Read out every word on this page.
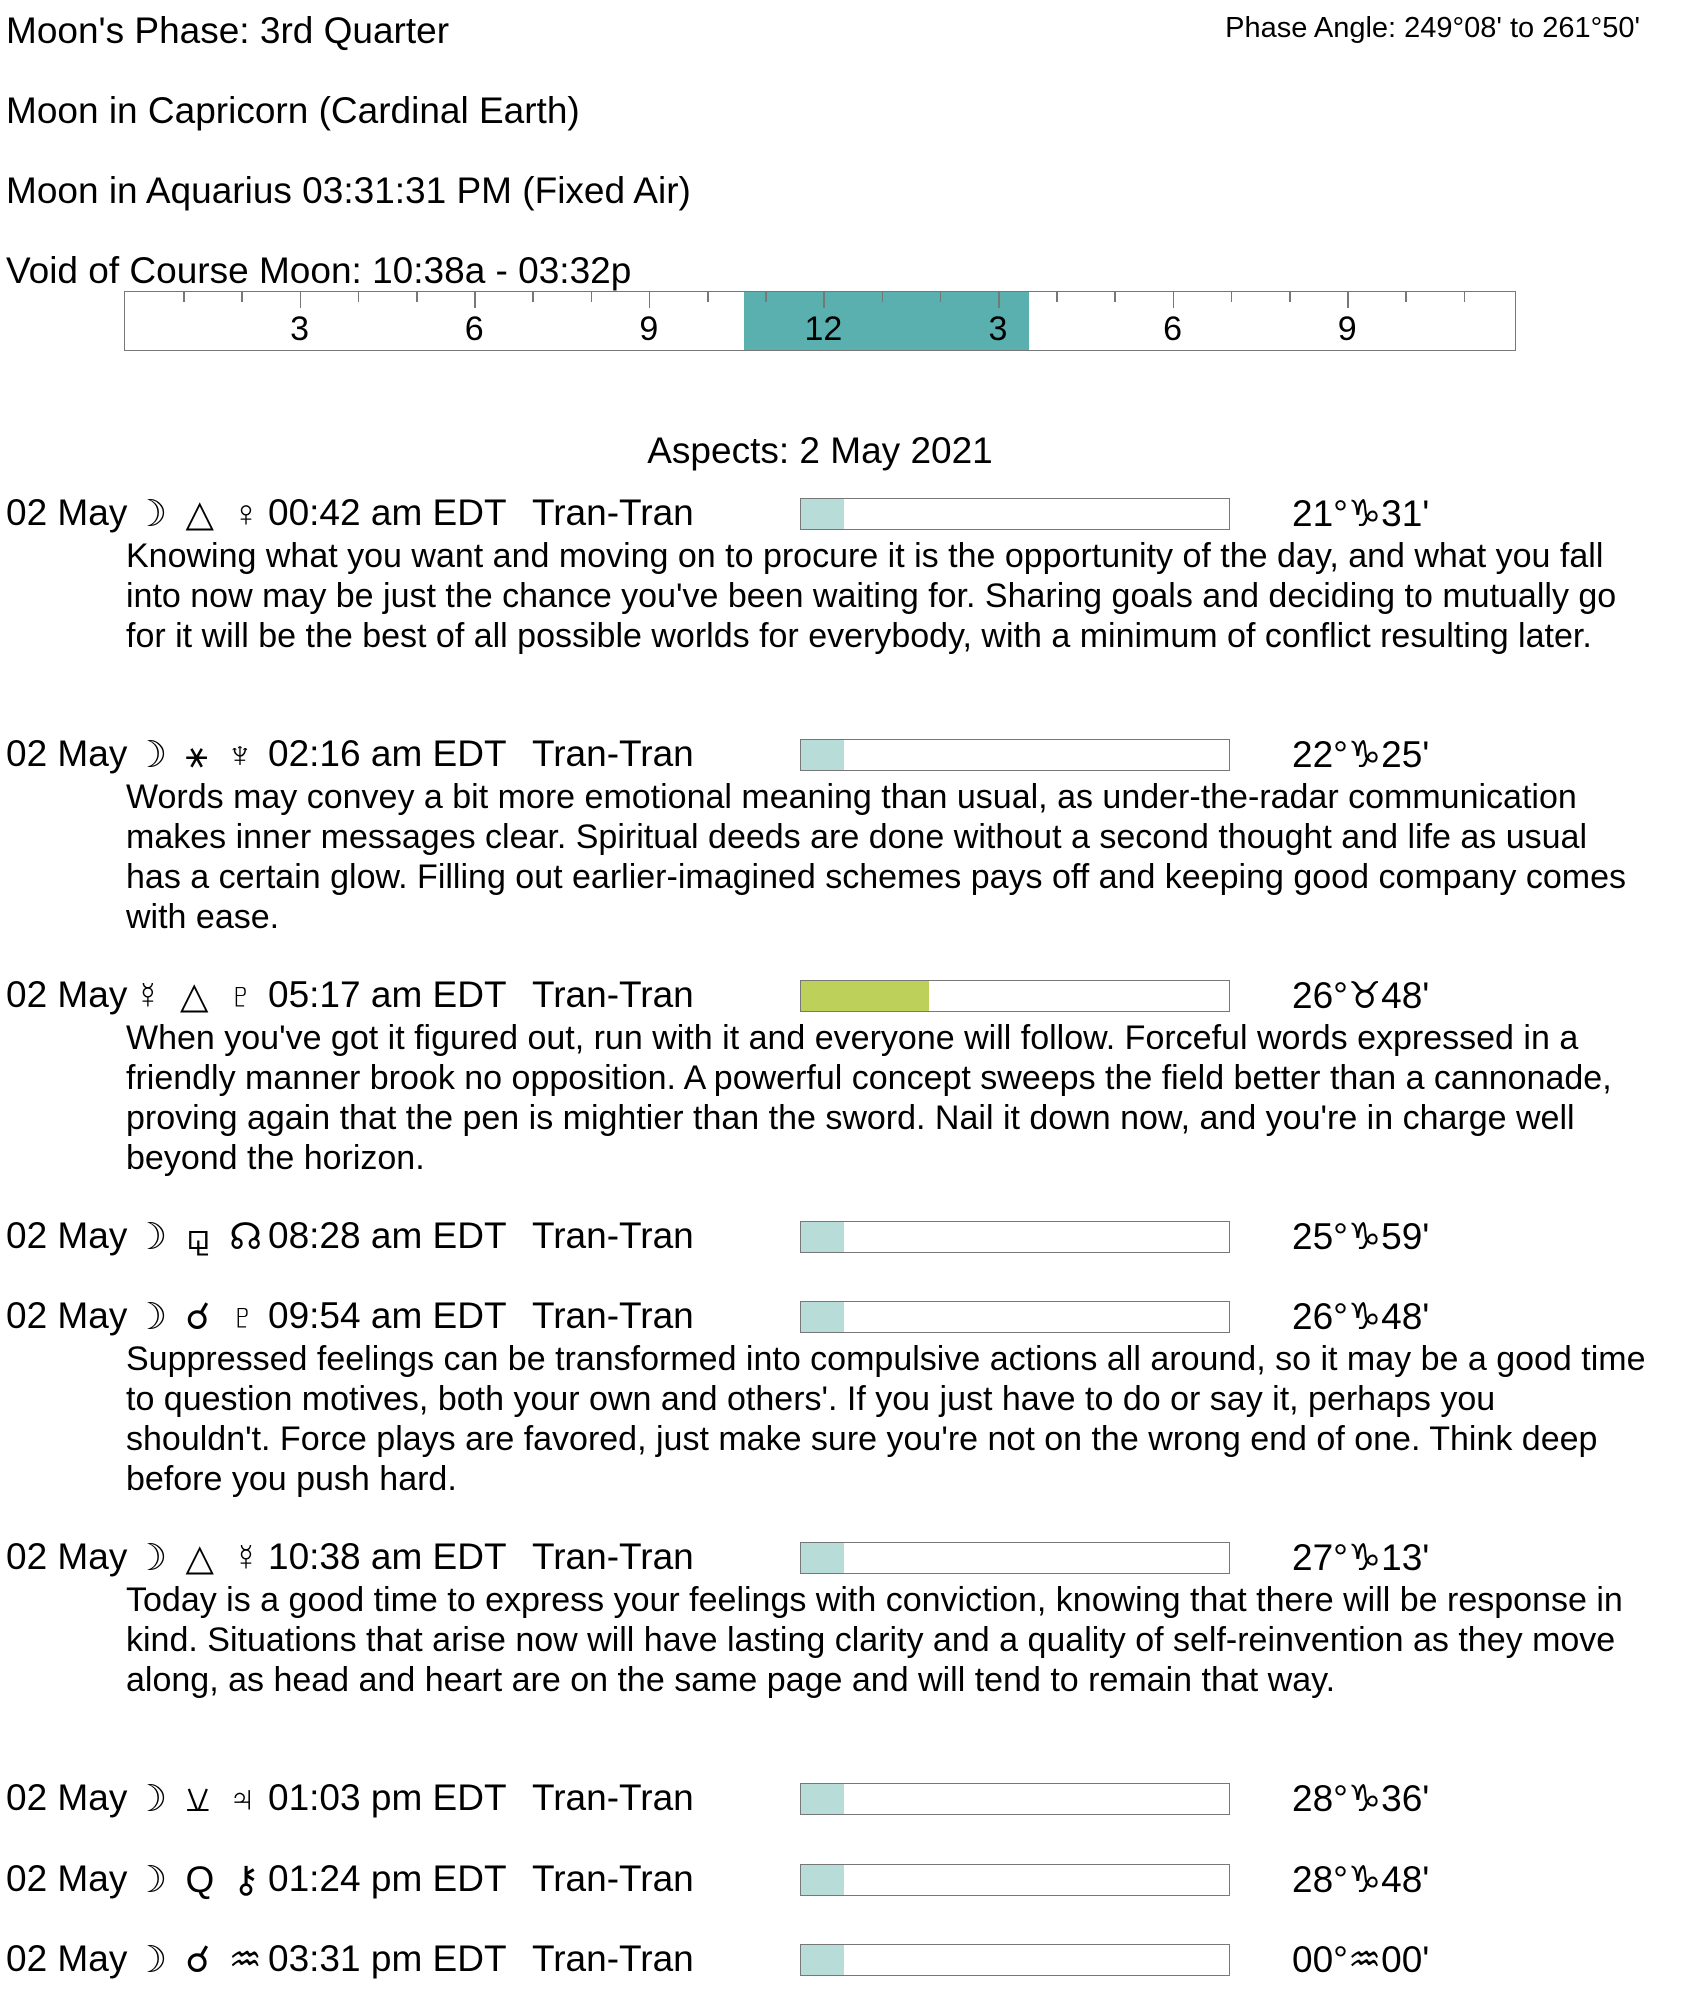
Moon's Phase: 3rd Quarter	Phase Angle: 249°08' to 261°50'
Moon in Capricorn (Cardinal Earth)
Moon in Aquarius 03:31:31 PM (Fixed Air)
Void of Course Moon: 10:38a - 03:32p
3	6	9	12	3	6	9
Aspects: 2 May 2021
02 May ☽ △ ♀ 00:42 am EDT Tran-Tran	21°♑31'
Knowing what you want and moving on to procure it is the opportunity of the day, and what you fall into now may be just the chance you've been waiting for. Sharing goals and deciding to mutually go for it will be the best of all possible worlds for everybody, with a minimum of conflict resulting later.
02 May ☽ ⚹ ♆ 02:16 am EDT Tran-Tran	22°♑25'
Words may convey a bit more emotional meaning than usual, as under-the-radar communication makes inner messages clear. Spiritual deeds are done without a second thought and life as usual has a certain glow. Filling out earlier-imagined schemes pays off and keeping good company comes with ease.
02 May ☿ △ ♇ 05:17 am EDT Tran-Tran	26°♉48'
When you've got it figured out, run with it and everyone will follow. Forceful words expressed in a friendly manner brook no opposition. A powerful concept sweeps the field better than a cannonade, proving again that the pen is mightier than the sword. Nail it down now, and you're in charge well beyond the horizon.
02 May ☽ ⚼ ☊ 08:28 am EDT Tran-Tran	25°♑59'
02 May ☽ ☌ ♇ 09:54 am EDT Tran-Tran	26°♑48'
Suppressed feelings can be transformed into compulsive actions all around, so it may be a good time to question motives, both your own and others'. If you just have to do or say it, perhaps you shouldn't. Force plays are favored, just make sure you're not on the wrong end of one. Think deep before you push hard.
02 May ☽ △ ☿ 10:38 am EDT Tran-Tran	27°♑13'
Today is a good time to express your feelings with conviction, knowing that there will be response in kind. Situations that arise now will have lasting clarity and a quality of self-reinvention as they move along, as head and heart are on the same page and will tend to remain that way.
02 May ☽ ⚺ ♃ 01:03 pm EDT Tran-Tran	28°♑36'
02 May ☽ Q ⚷ 01:24 pm EDT Tran-Tran	28°♑48'
02 May ☽ ☌ ♒ 03:31 pm EDT Tran-Tran	00°♒00'
